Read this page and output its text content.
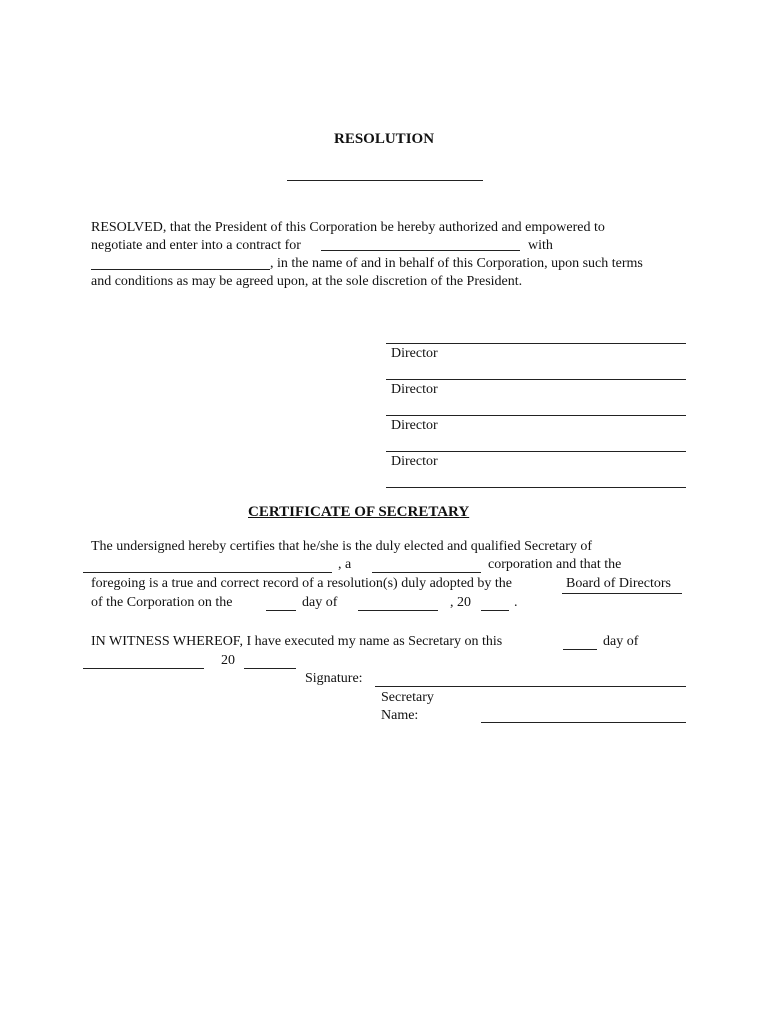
RESOLUTION
RESOLVED, that the President of this Corporation be hereby authorized and empowered to
negotiate and enter into a contract for	with
, in the name of and in behalf of this Corporation, upon such terms
and conditions as may be agreed upon, at the sole discretion of the President.
Director
Director
Director
Director
CERTIFICATE OF SECRETARY
The undersigned hereby certifies that he/she is the duly elected and qualified Secretary of
, a	corporation and that the
foregoing is a true and correct record of a resolution(s) duly adopted by the	Board of Directors
of the Corporation on the	day of	, 20	.
IN WITNESS WHEREOF, I have executed my name as Secretary on this	day of
20
Signature:
Secretary
Name:
